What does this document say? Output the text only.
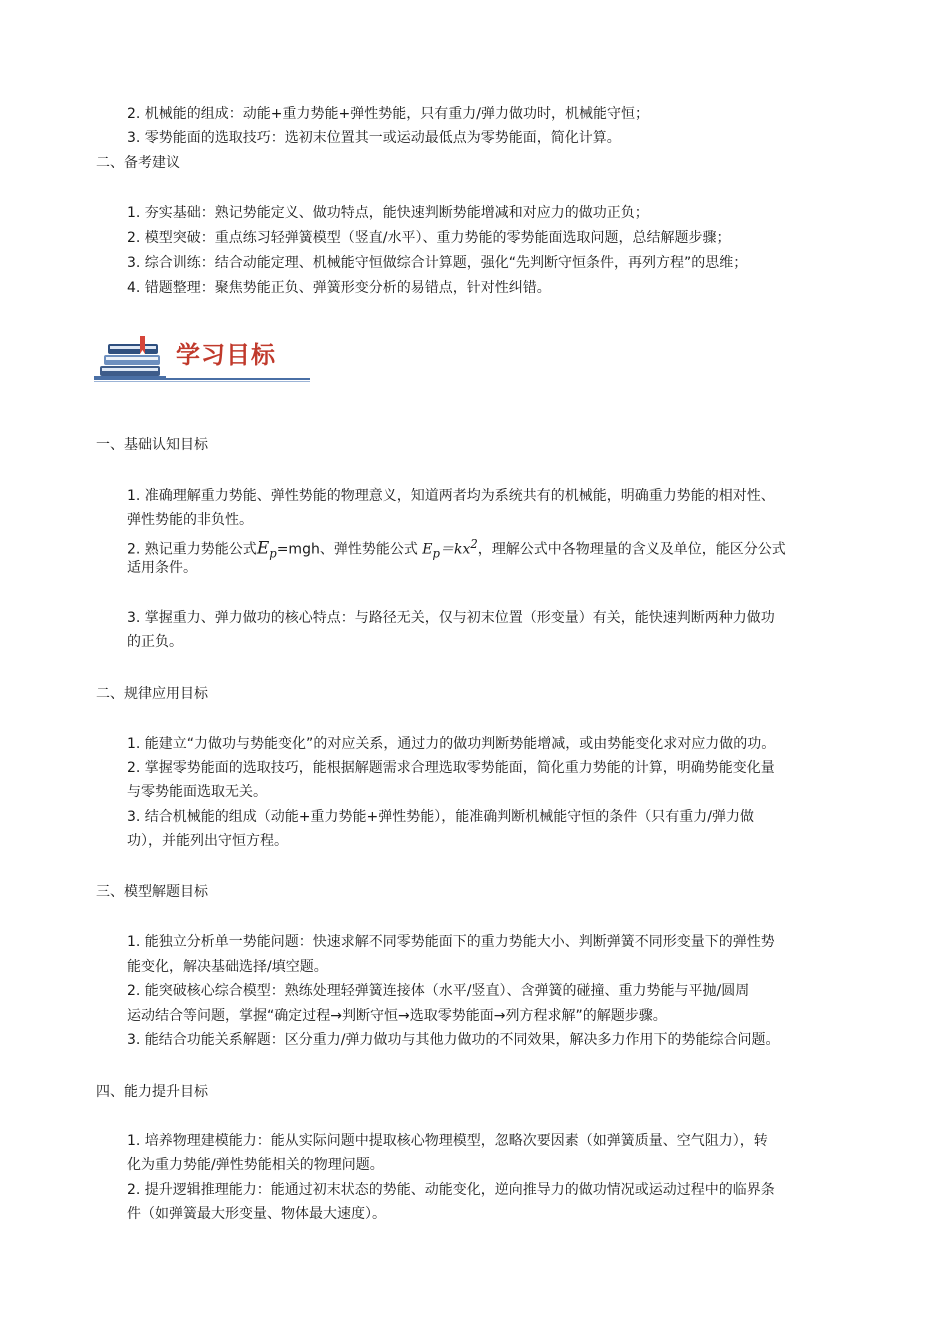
2. 机械能的组成：动能+重力势能+弹性势能，只有重力/弹力做功时，机械能守恒；
3. 零势能面的选取技巧：选初末位置其一或运动最低点为零势能面，简化计算。
二、备考建议
1. 夯实基础：熟记势能定义、做功特点，能快速判断势能增减和对应力的做功正负；
2. 模型突破：重点练习轻弹簧模型（竖直/水平）、重力势能的零势能面选取问题，总结解题步骤；
3. 综合训练：结合动能定理、机械能守恒做综合计算题，强化“先判断守恒条件，再列方程”的思维；
4. 错题整理：聚焦势能正负、弹簧形变分析的易错点，针对性纠错。
学习目标
一、基础认知目标
1. 准确理解重力势能、弹性势能的物理意义，知道两者均为系统共有的机械能，明确重力势能的相对性、
弹性势能的非负性。
2. 熟记重力势能公式$E_p=mgh$、弹性势能公式 $E_p=kx^2$，理解公式中各物理量的含义及单位，能区分公式
适用条件。
3. 掌握重力、弹力做功的核心特点：与路径无关，仅与初末位置（形变量）有关，能快速判断两种力做功
的正负。
二、规律应用目标
1. 能建立“力做功与势能变化”的对应关系，通过力的做功判断势能增减，或由势能变化求对应力做的功。
2. 掌握零势能面的选取技巧，能根据解题需求合理选取零势能面，简化重力势能的计算，明确势能变化量
与零势能面选取无关。
3. 结合机械能的组成（动能+重力势能+弹性势能），能准确判断机械能守恒的条件（只有重力/弹力做
功），并能列出守恒方程。
三、模型解题目标
1. 能独立分析单一势能问题：快速求解不同零势能面下的重力势能大小、判断弹簧不同形变量下的弹性势
能变化，解决基础选择/填空题。
2. 能突破核心综合模型：熟练处理轻弹簧连接体（水平/竖直）、含弹簧的碰撞、重力势能与平抛/圆周
运动结合等问题，掌握“确定过程→判断守恒→选取零势能面→列方程求解”的解题步骤。
3. 能结合功能关系解题：区分重力/弹力做功与其他力做功的不同效果，解决多力作用下的势能综合问题。
四、能力提升目标
1. 培养物理建模能力：能从实际问题中提取核心物理模型，忽略次要因素（如弹簧质量、空气阻力），转
化为重力势能/弹性势能相关的物理问题。
2. 提升逻辑推理能力：能通过初末状态的势能、动能变化，逆向推导力的做功情况或运动过程中的临界条
件（如弹簧最大形变量、物体最大速度）。
